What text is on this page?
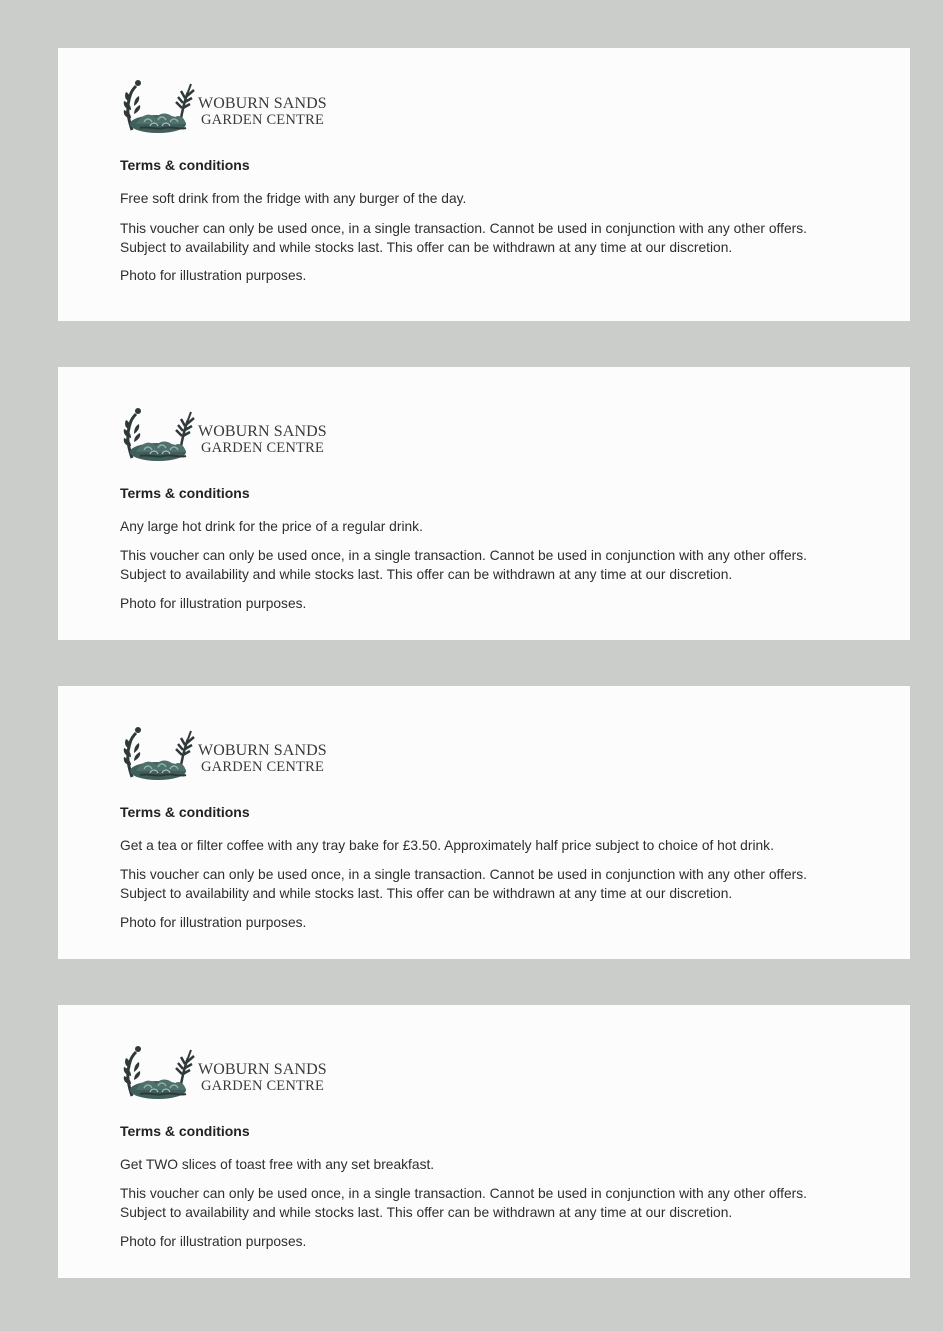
WOBURN SANDS
GARDEN CENTRE
Terms & conditions
Free soft drink from the fridge with any burger of the day.
This voucher can only be used once, in a single transaction. Cannot be used in conjunction with any other offers.
Subject to availability and while stocks last. This offer can be withdrawn at any time at our discretion.
Photo for illustration purposes.
WOBURN SANDS
GARDEN CENTRE
Terms & conditions
Any large hot drink for the price of a regular drink.
This voucher can only be used once, in a single transaction. Cannot be used in conjunction with any other offers.
Subject to availability and while stocks last. This offer can be withdrawn at any time at our discretion.
Photo for illustration purposes.
WOBURN SANDS
GARDEN CENTRE
Terms & conditions
Get a tea or filter coffee with any tray bake for £3.50. Approximately half price subject to choice of hot drink.
This voucher can only be used once, in a single transaction. Cannot be used in conjunction with any other offers.
Subject to availability and while stocks last. This offer can be withdrawn at any time at our discretion.
Photo for illustration purposes.
WOBURN SANDS
GARDEN CENTRE
Terms & conditions
Get TWO slices of toast free with any set breakfast.
This voucher can only be used once, in a single transaction. Cannot be used in conjunction with any other offers.
Subject to availability and while stocks last. This offer can be withdrawn at any time at our discretion.
Photo for illustration purposes.
